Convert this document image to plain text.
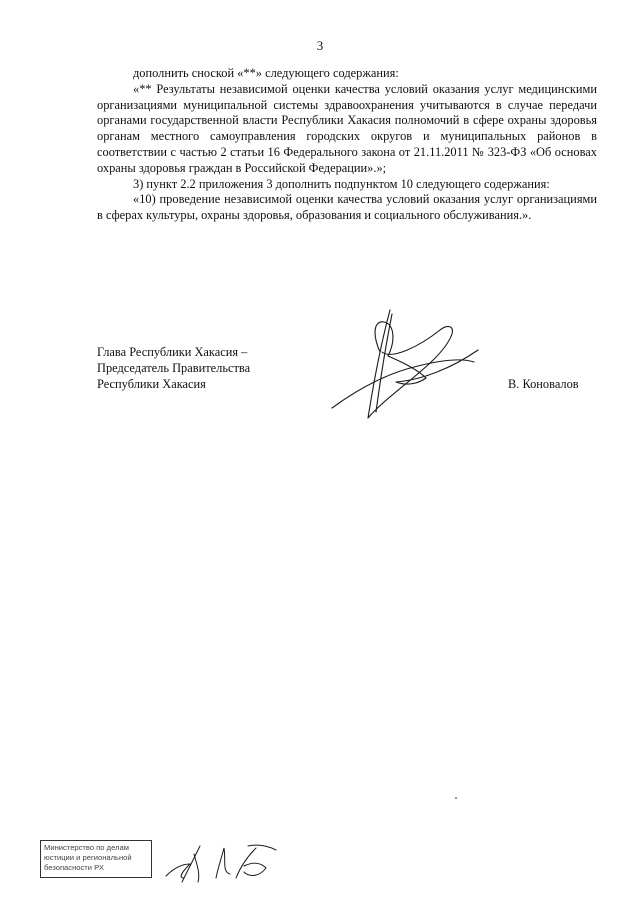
3

дополнить сноской «**» следующего содержания:

«** Результаты независимой оценки качества условий оказания услуг медицинскими организациями муниципальной системы здравоохранения учитываются в случае передачи органами государственной власти Республики Хакасия полномочий в сфере охраны здоровья органам местного самоуправления городских округов и муниципальных районов в соответствии с частью 2 статьи 16 Федерального закона от 21.11.2011 № 323-ФЗ «Об основах охраны здоровья граждан в Российской Федерации».»;

3) пункт 2.2 приложения 3 дополнить подпунктом 10 следующего содержания:

«10) проведение независимой оценки качества условий оказания услуг организациями в сферах культуры, охраны здоровья, образования и социального обслуживания.».

Глава Республики Хакасия –
Председатель Правительства
Республики Хакасия	В. Коновалов
Министерство по делам
юстиции и региональной
безопасности РХ
